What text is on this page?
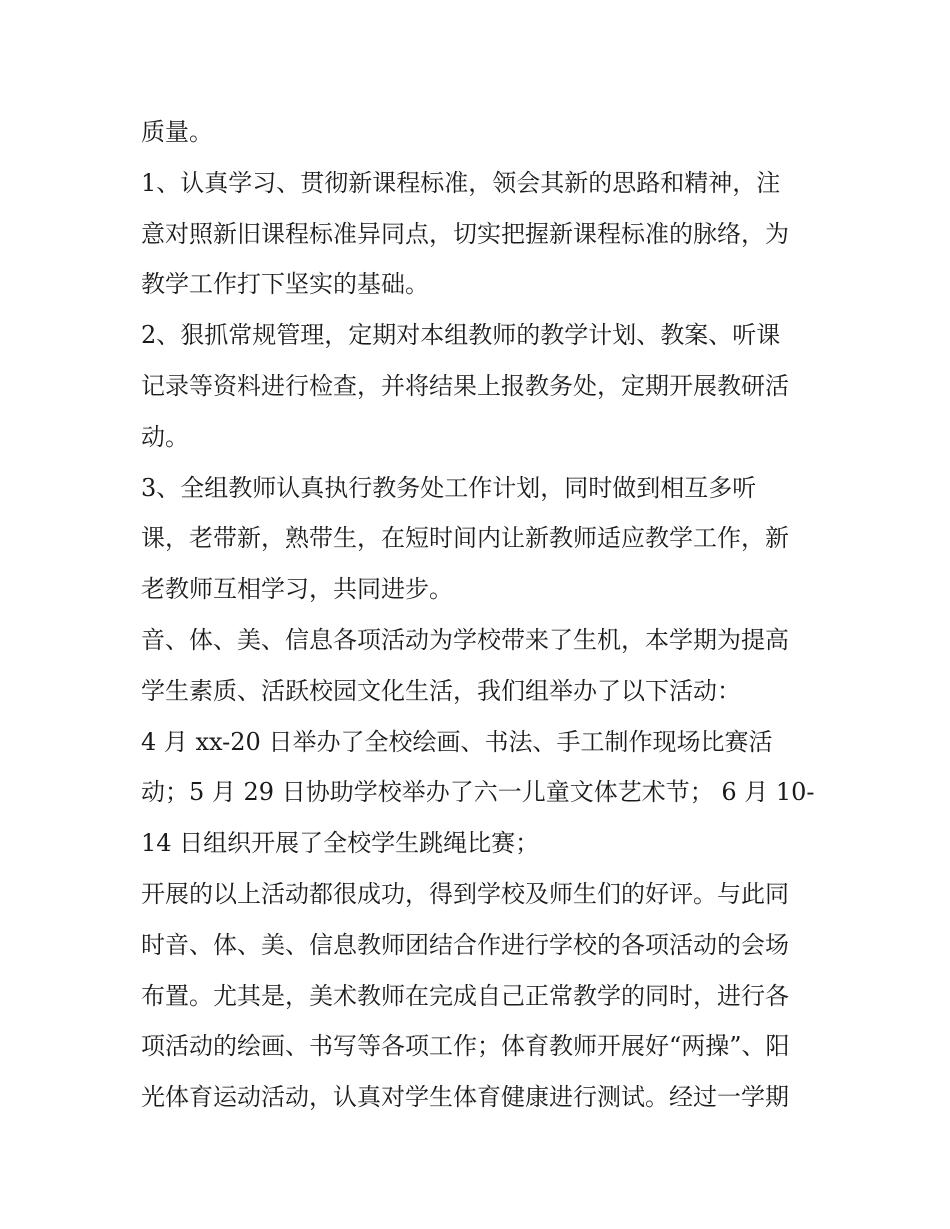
质量。
1、认真学习、贯彻新课程标准，领会其新的思路和精神，注
意对照新旧课程标准异同点，切实把握新课程标准的脉络，为
教学工作打下坚实的基础。
2、狠抓常规管理，定期对本组教师的教学计划、教案、听课
记录等资料进行检查，并将结果上报教务处，定期开展教研活
动。
3、全组教师认真执行教务处工作计划，同时做到相互多听
课，老带新，熟带生，在短时间内让新教师适应教学工作，新
老教师互相学习，共同进步。
音、体、美、信息各项活动为学校带来了生机，本学期为提高
学生素质、活跃校园文化生活，我们组举办了以下活动：
4 月 xx-20 日举办了全校绘画、书法、手工制作现场比赛活
动；5 月 29 日协助学校举办了六一儿童文体艺术节； 6 月 10-
14 日组织开展了全校学生跳绳比赛；
开展的以上活动都很成功，得到学校及师生们的好评。与此同
时音、体、美、信息教师团结合作进行学校的各项活动的会场
布置。尤其是，美术教师在完成自己正常教学的同时，进行各
项活动的绘画、书写等各项工作；体育教师开展好“两操”、阳
光体育运动活动，认真对学生体育健康进行测试。经过一学期
